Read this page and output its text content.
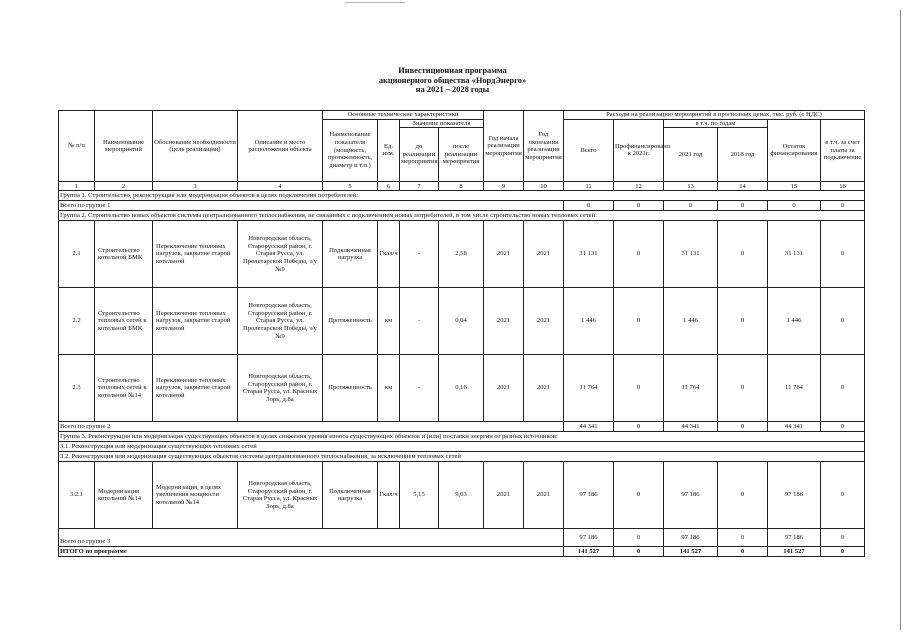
Инвестиционная программа
акционерного общества «НордЭнерго»
на 2021 – 2028 годы
№ п/п	Наименование мероприятий	Обоснование необходимости (цель реализации)	Описание и место расположения объекта	Основные технические характеристики				Год начала реализации мероприятия	Год окончания реализации мероприятия	Расходы на реализацию мероприятий в прогнозных ценах, тыс. руб. (с НДС)					
				Наименование показателя (мощность, протяженность, диаметр и т.п.)	Ед. изм.	Значение показателя				Всего	Профинансировано к 2021г.	в т.ч. по годам		Остаток финансирования	в т.ч. за счет платы за подключение
						до реализации мероприятия	после реализации мероприятия					2021 год	2018 год		

1	2	3	4	5	6	7	8	9	10	11	12	13	14	15	16
Группа 1. Строительство, реконструкция или модернизация объектов в целях подключения потребителей:															
Всего по группе 1										0	0	0	0	0	0
Группа 2. Строительство новых объектов системы централизованного теплоснабжения, не связанных с подключением новых потребителей, в том числе строительство новых тепловых сетей:															
2.1	Строительство котельной БМК	Переключение тепловых нагрузок, закрытие старой котельной	Новгородская область, Старорусский район, г. Старая Русса, ул. Пролетарской Победы, з/у №9	Подключенная нагрузка	Гкал/ч	-	2,58	2021	2021	31 131	0	31 131	0	31 131	0
2.2	Строительство тепловых сетей к котельной БМК	Переключение тепловых нагрузок, закрытие старой котельной	Новгородская область, Старорусский район, г. Старая Русса, ул. Пролетарской Победы, з/у №9	Протяженность	км	-	0,04	2021	2021	1 446	0	1 446	0	1 446	0
2.3	Строительство тепловых сетей к котельной №14	Переключение тепловых нагрузок, закрытие старой котельной	Новгородская область, Старорусский район, г. Старая Русса, ул. Красных Зорь, д.8а	Протяженность	км	-	0,16	2021	2021	11 764	0	11 764	0	11 764	0
Всего по группе 2										44 341	0	44 341	0	44 341	0
Группа 3. Реконструкция или модернизация существующих объектов в целях снижения уровня износа существующих объектов и (или) поставки энергии от разных источников:															
3.1. Реконструкция или модернизация существующих тепловых сетей															
3.2. Реконструкция или модернизация существующих объектов системы централизованного теплоснабжения, за исключением тепловых сетей															
3.2.1	Модернизация котельной №14	Модернизация, в целях увеличения мощности котельной №14	Новгородская область, Старорусский район, г. Старая Русса, ул. Красных Зорь, д.8а	Подключенная нагрузка	Гкал/ч	5,15	9,03	2021	2021	97 186	0	97 186	0	97 186	0
Всего по группе 3										97 186	0	97 186	0	97 186	0
ИТОГО по программе										141 527	0	141 527	0	141 527	0
